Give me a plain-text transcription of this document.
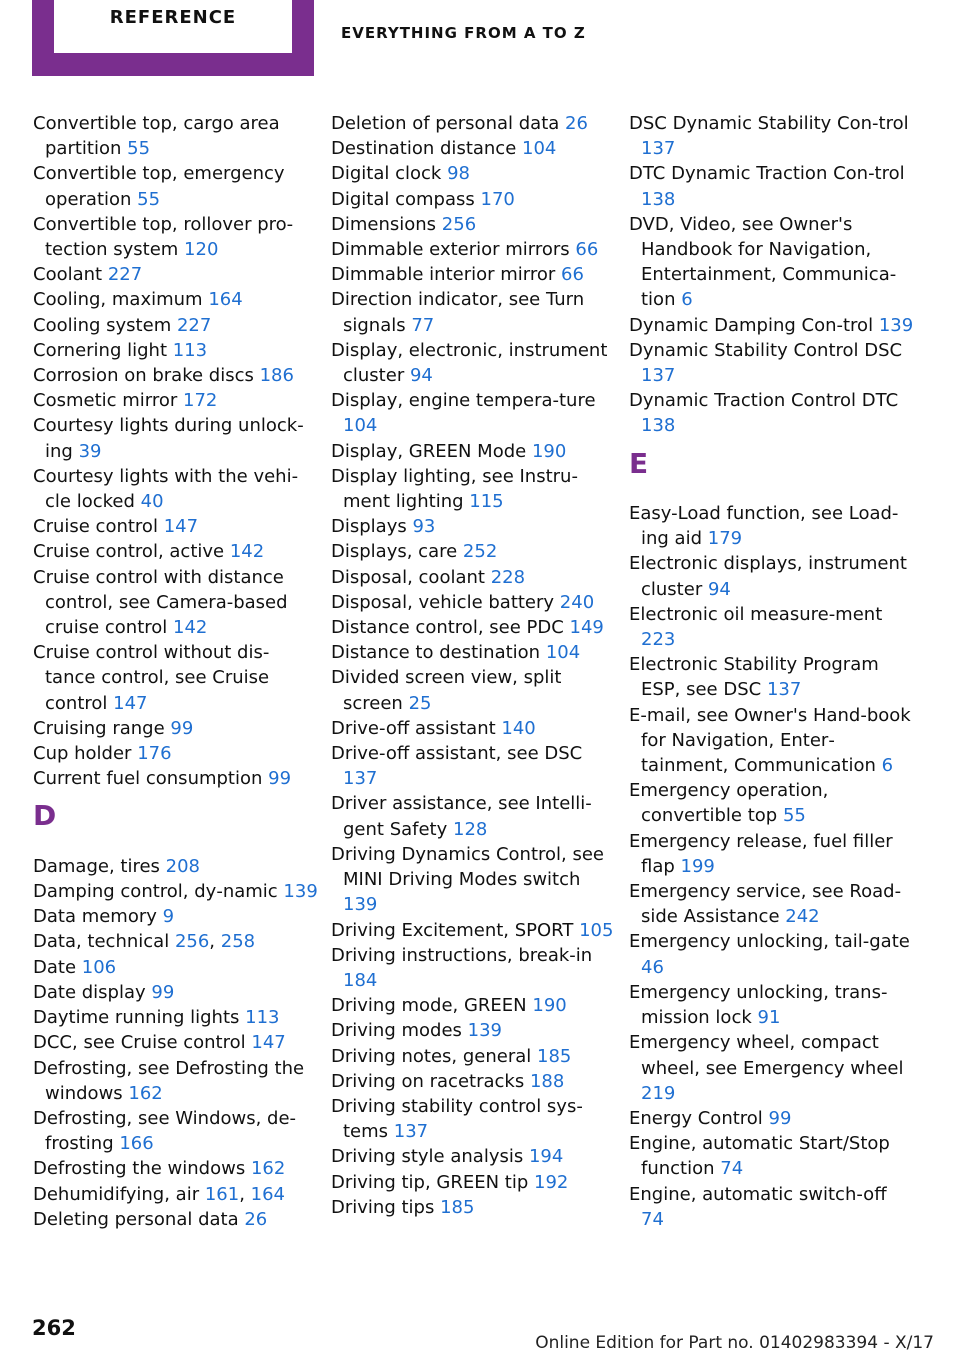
REFERENCE
EVERYTHING FROM A TO Z
Convertible top, cargo area partition 55
Convertible top, emergency operation 55
Convertible top, rollover pro‐tection system 120
Coolant 227
Cooling, maximum 164
Cooling system 227
Cornering light 113
Corrosion on brake discs 186
Cosmetic mirror 172
Courtesy lights during unlock‐ing 39
Courtesy lights with the vehi‐cle locked 40
Cruise control 147
Cruise control, active 142
Cruise control with distance control, see Camera-based cruise control 142
Cruise control without dis‐tance control, see Cruise control 147
Cruising range 99
Cup holder 176
Current fuel consumption 99
D
Damage, tires 208
Damping control, dy‐namic 139
Data memory 9
Data, technical 256, 258
Date 106
Date display 99
Daytime running lights 113
DCC, see Cruise control 147
Defrosting, see Defrosting the windows 162
Defrosting, see Windows, de‐frosting 166
Defrosting the windows 162
Dehumidifying, air 161, 164
Deleting personal data 26
Deletion of personal data 26
Destination distance 104
Digital clock 98
Digital compass 170
Dimensions 256
Dimmable exterior mirrors 66
Dimmable interior mirror 66
Direction indicator, see Turn signals 77
Display, electronic, instrument cluster 94
Display, engine tempera‐ture 104
Display, GREEN Mode 190
Display lighting, see Instru‐ment lighting 115
Displays 93
Displays, care 252
Disposal, coolant 228
Disposal, vehicle battery 240
Distance control, see PDC 149
Distance to destination 104
Divided screen view, split screen 25
Drive-off assistant 140
Drive-off assistant, see DSC 137
Driver assistance, see Intelli‐gent Safety 128
Driving Dynamics Control, see MINI Driving Modes switch 139
Driving Excitement, SPORT 105
Driving instructions, break-in 184
Driving mode, GREEN 190
Driving modes 139
Driving notes, general 185
Driving on racetracks 188
Driving stability control sys‐tems 137
Driving style analysis 194
Driving tip, GREEN tip 192
Driving tips 185
DSC Dynamic Stability Con‐trol 137
DTC Dynamic Traction Con‐trol 138
DVD, Video, see Owner's Handbook for Navigation, Entertainment, Communica‐tion 6
Dynamic Damping Con‐trol 139
Dynamic Stability Control DSC 137
Dynamic Traction Control DTC 138
E
Easy-Load function, see Load‐ing aid 179
Electronic displays, instrument cluster 94
Electronic oil measure‐ment 223
Electronic Stability Program ESP, see DSC 137
E-mail, see Owner's Hand‐book for Navigation, Enter‐tainment, Communication 6
Emergency operation, convertible top 55
Emergency release, fuel filler flap 199
Emergency service, see Road‐side Assistance 242
Emergency unlocking, tail‐gate 46
Emergency unlocking, trans‐mission lock 91
Emergency wheel, compact wheel, see Emergency wheel 219
Energy Control 99
Engine, automatic Start/Stop function 74
Engine, automatic switch-off 74
262
Online Edition for Part no. 01402983394 - X/17
